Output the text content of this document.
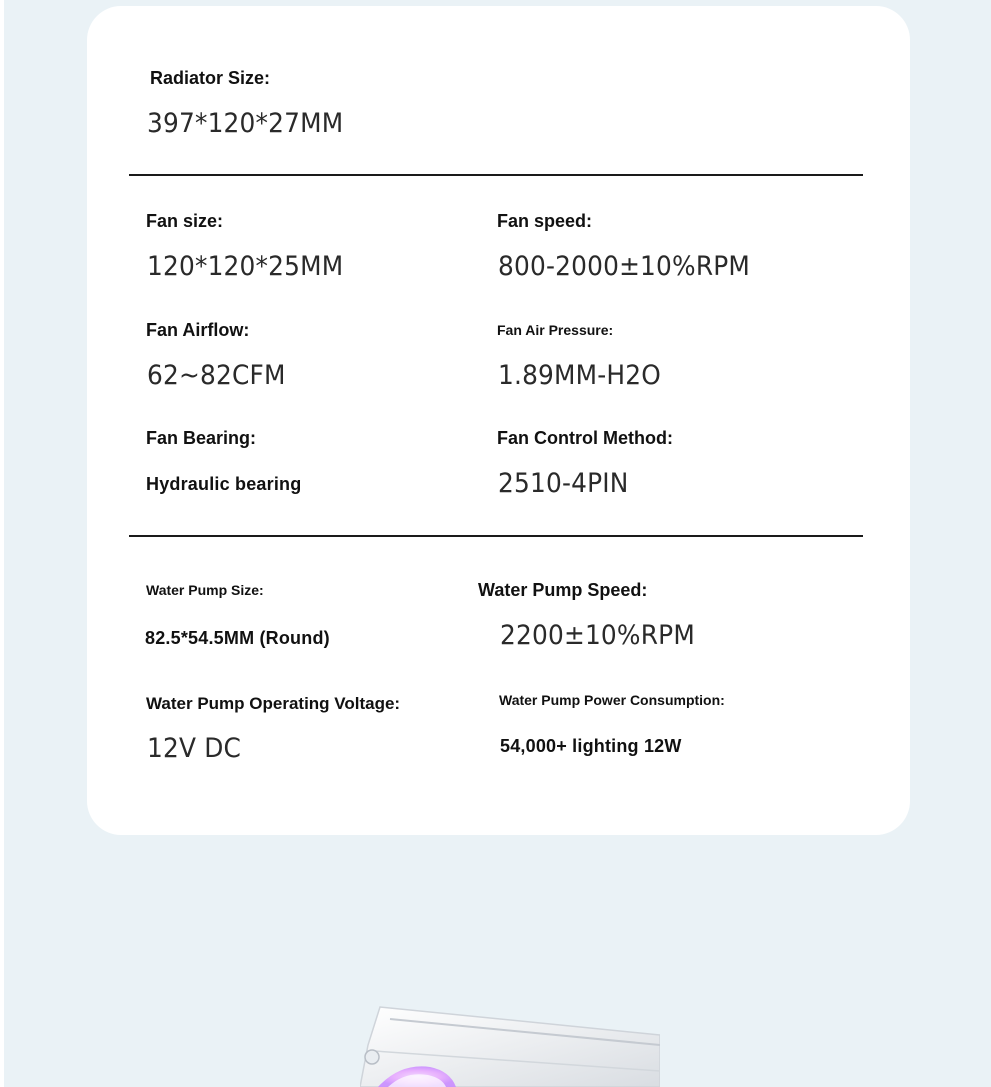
Radiator Size:
397*120*27MM
Fan size:
120*120*25MM
Fan speed:
800-2000±10%RPM
Fan Airflow:
62~82CFM
Fan Air Pressure:
1.89MM-H2O
Fan Bearing:
Hydraulic bearing
Fan Control Method:
2510-4PIN
Water Pump Size:
82.5*54.5MM (Round)
Water Pump Speed:
2200±10%RPM
Water Pump Operating Voltage:
12V DC
Water Pump Power Consumption:
54,000+ lighting 12W
